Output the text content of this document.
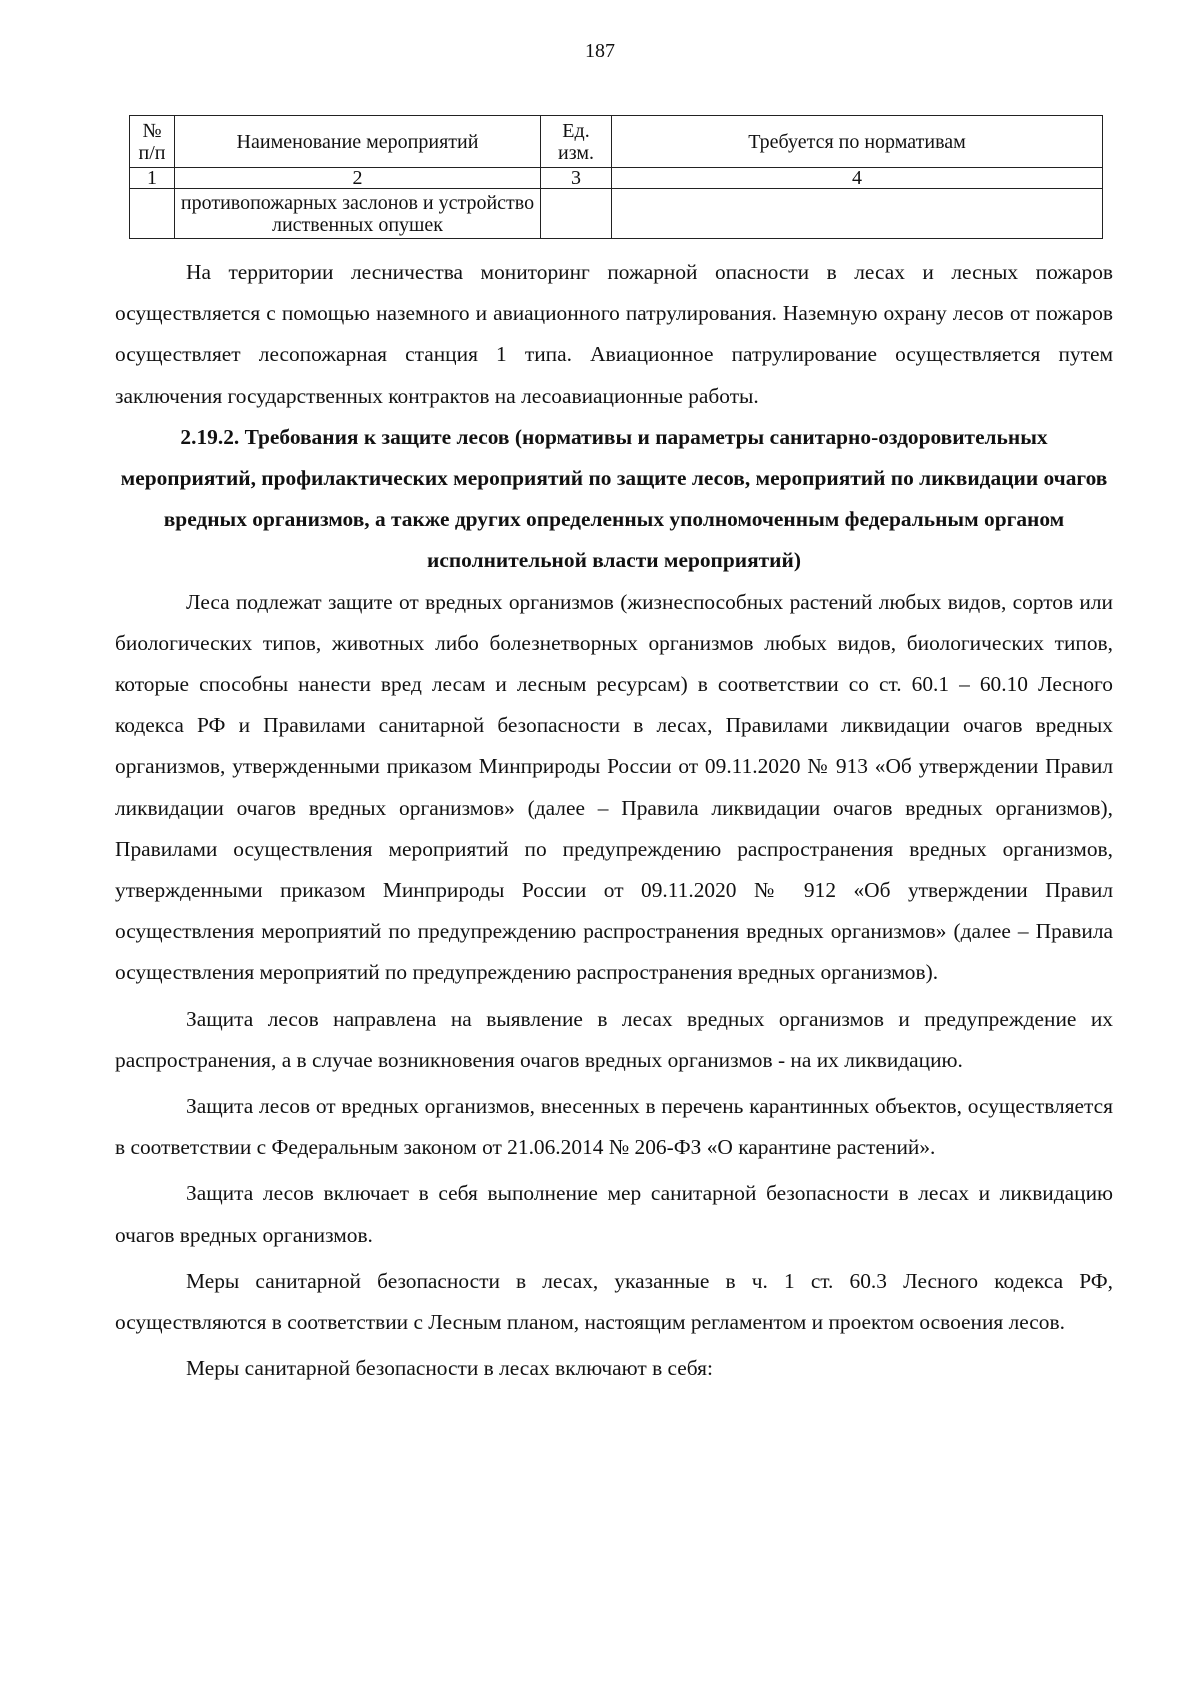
187
№ п/п	Наименование мероприятий	Ед. изм.	Требуется по нормативам
1	2	3	4
	противопожарных заслонов и устройство лиственных опушек		

На территории лесничества мониторинг пожарной опасности в лесах и лесных пожаров осуществляется с помощью наземного и авиационного патрулирования. Наземную охрану лесов от пожаров осуществляет лесопожарная станция 1 типа. Авиационное патрулирование осуществляется путем заключения государственных контрактов на лесоавиационные работы.

2.19.2. Требования к защите лесов (нормативы и параметры санитарно-оздоровительных мероприятий, профилактических мероприятий по защите лесов, мероприятий по ликвидации очагов вредных организмов, а также других определенных уполномоченным федеральным органом исполнительной власти мероприятий)

Леса подлежат защите от вредных организмов (жизнеспособных растений любых видов, сортов или биологических типов, животных либо болезнетворных организмов любых видов, биологических типов, которые способны нанести вред лесам и лесным ресурсам) в соответствии со ст. 60.1 – 60.10 Лесного кодекса РФ и Правилами санитарной безопасности в лесах, Правилами ликвидации очагов вредных организмов, утвержденными приказом Минприроды России от 09.11.2020 № 913 «Об утверждении Правил ликвидации очагов вредных организмов» (далее – Правила ликвидации очагов вредных организмов), Правилами осуществления мероприятий по предупреждению распространения вредных организмов, утвержденными приказом Минприроды России от 09.11.2020 № 912 «Об утверждении Правил осуществления мероприятий по предупреждению распространения вредных организмов» (далее – Правила осуществления мероприятий по предупреждению распространения вредных организмов).

Защита лесов направлена на выявление в лесах вредных организмов и предупреждение их распространения, а в случае возникновения очагов вредных организмов - на их ликвидацию.

Защита лесов от вредных организмов, внесенных в перечень карантинных объектов, осуществляется в соответствии с Федеральным законом от 21.06.2014 № 206-ФЗ «О карантине растений».

Защита лесов включает в себя выполнение мер санитарной безопасности в лесах и ликвидацию очагов вредных организмов.

Меры санитарной безопасности в лесах, указанные в ч. 1 ст. 60.3 Лесного кодекса РФ, осуществляются в соответствии с Лесным планом, настоящим регламентом и проектом освоения лесов.

Меры санитарной безопасности в лесах включают в себя:
